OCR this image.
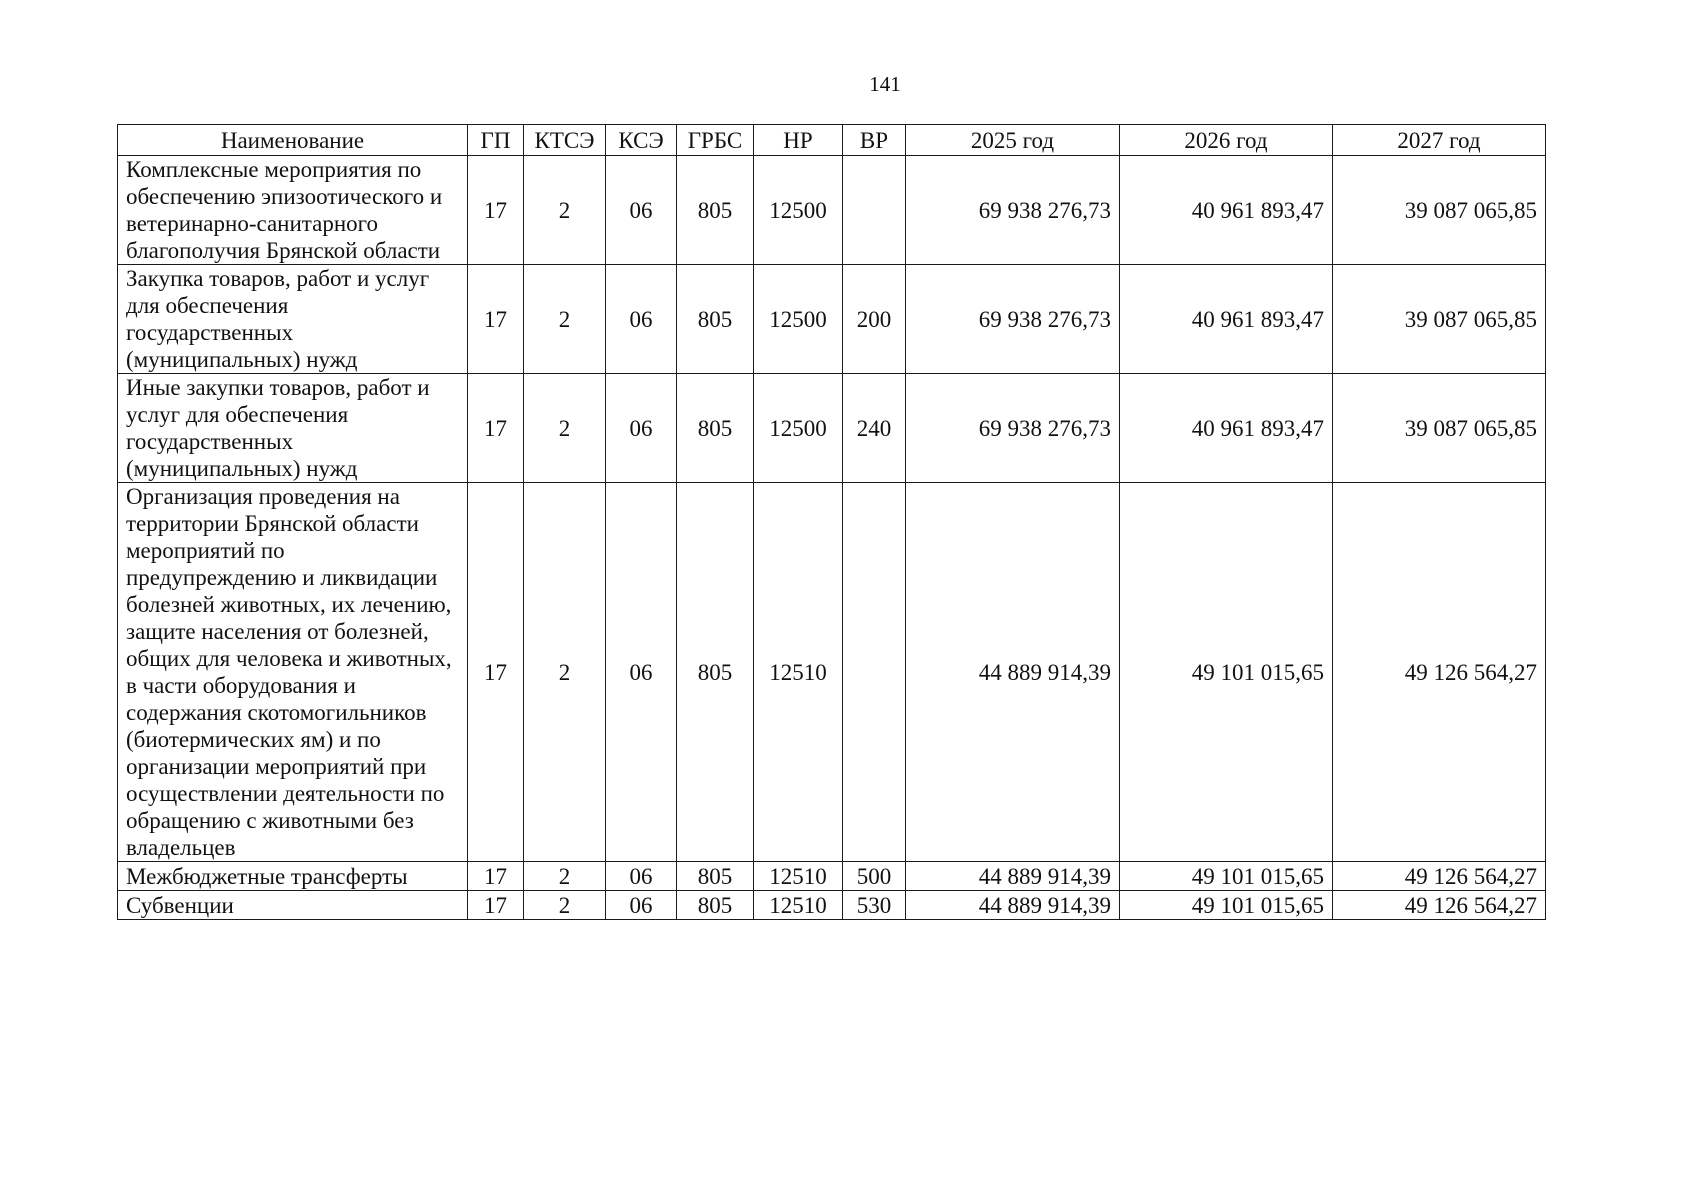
141
Наименование	ГП	КТСЭ	КСЭ	ГРБС	НР	ВР	2025 год	2026 год	2027 год
Комплексные мероприятия по обеспечению эпизоотического и ветеринарно-санитарного благополучия Брянской области	17	2	06	805	12500		69 938 276,73	40 961 893,47	39 087 065,85
Закупка товаров, работ и услуг для обеспечения государственных (муниципальных) нужд	17	2	06	805	12500	200	69 938 276,73	40 961 893,47	39 087 065,85
Иные закупки товаров, работ и услуг для обеспечения государственных (муниципальных) нужд	17	2	06	805	12500	240	69 938 276,73	40 961 893,47	39 087 065,85
Организация проведения на территории Брянской области мероприятий по предупреждению и ликвидации болезней животных, их лечению, защите населения от болезней, общих для человека и животных, в части оборудования и содержания скотомогильников (биотермических ям) и по организации мероприятий при осуществлении деятельности по обращению с животными без владельцев	17	2	06	805	12510		44 889 914,39	49 101 015,65	49 126 564,27
Межбюджетные трансферты	17	2	06	805	12510	500	44 889 914,39	49 101 015,65	49 126 564,27
Субвенции	17	2	06	805	12510	530	44 889 914,39	49 101 015,65	49 126 564,27
